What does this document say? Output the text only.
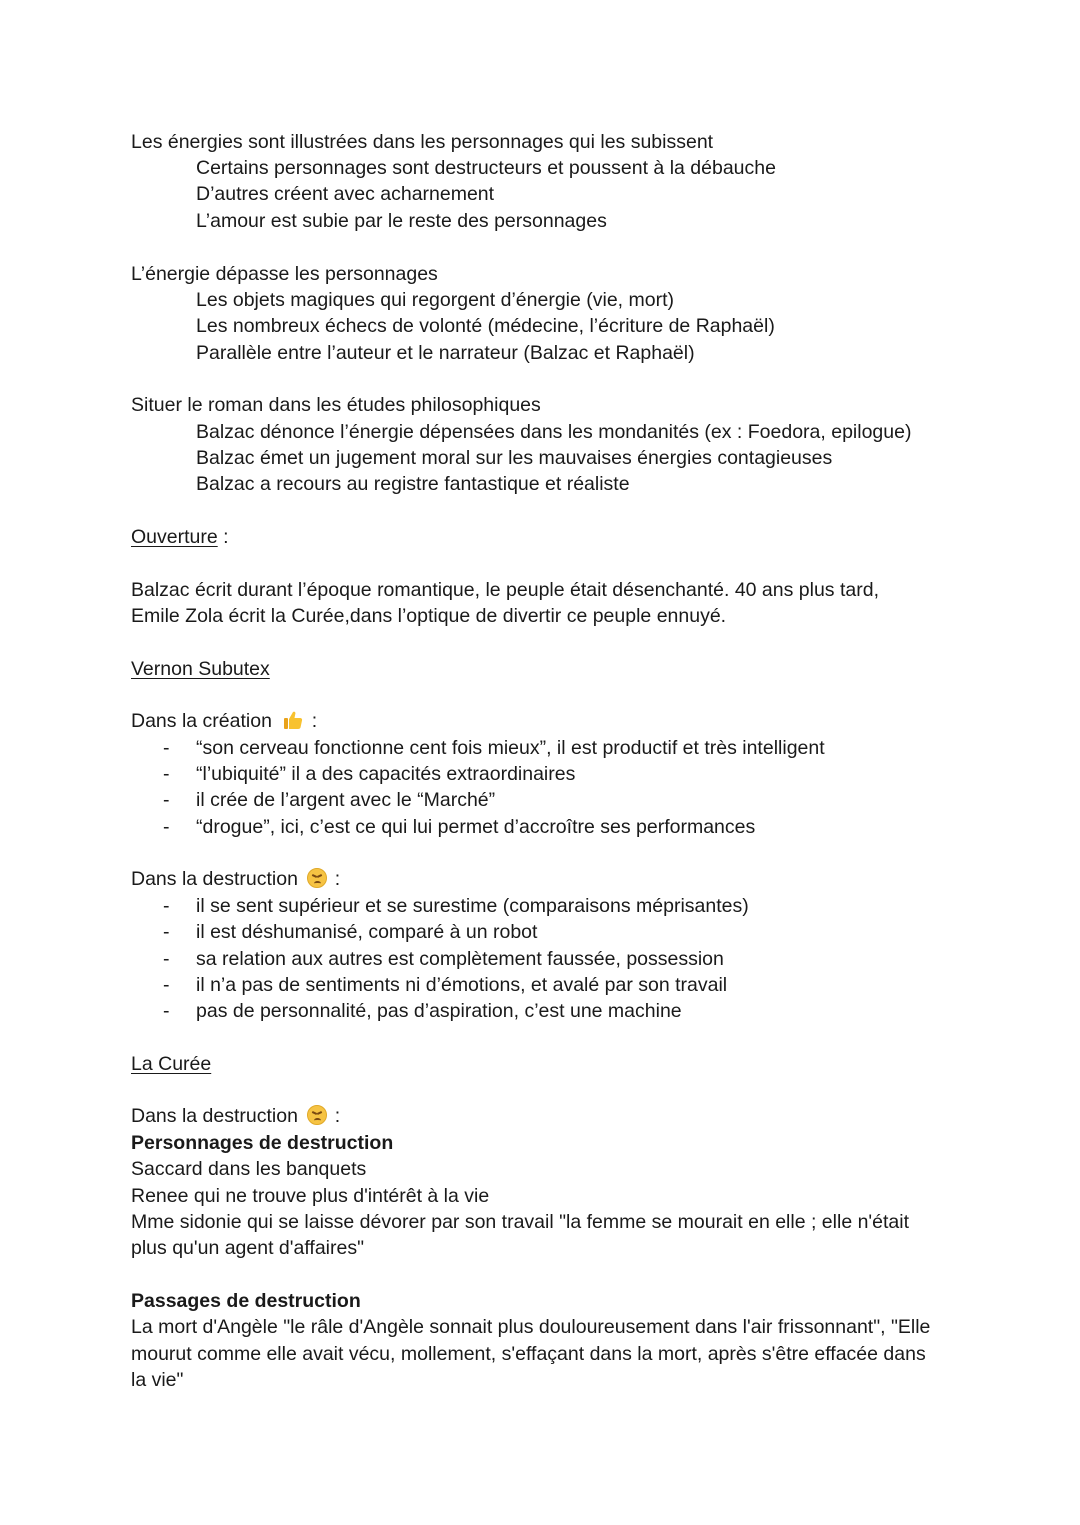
Les énergies sont illustrées dans les personnages qui les subissent
Certains personnages sont destructeurs et poussent à la débauche
D’autres créent avec acharnement
L’amour est subie par le reste des personnages
L’énergie dépasse les personnages
Les objets magiques qui regorgent d’énergie (vie, mort)
Les nombreux échecs de volonté (médecine, l’écriture de Raphaël)
Parallèle entre l’auteur et le narrateur (Balzac et Raphaël)
Situer le roman dans les études philosophiques
Balzac dénonce l’énergie dépensées dans les mondanités (ex : Foedora, epilogue)
Balzac émet un jugement moral sur les mauvaises énergies contagieuses
Balzac a recours au registre fantastique et réaliste
Ouverture :
Balzac écrit durant l’époque romantique, le peuple était désenchanté. 40 ans plus tard,
Emile Zola écrit la Curée,dans l’optique de divertir ce peuple ennuyé.
Vernon Subutex
Dans la création  :
- “son cerveau fonctionne cent fois mieux”, il est productif et très intelligent
- “l’ubiquité” il a des capacités extraordinaires
- il crée de l’argent avec le “Marché”
- “drogue”, ici, c’est ce qui lui permet d’accroître ses performances
Dans la destruction
:
- il se sent supérieur et se surestime (comparaisons méprisantes)
- il est déshumanisé, comparé à un robot
- sa relation aux autres est complètement faussée, possession
- il n’a pas de sentiments ni d’émotions, et avalé par son travail
- pas de personnalité, pas d’aspiration, c’est une machine
La Curée
Dans la destruction
:
Personnages de destruction
Saccard dans les banquets
Renee qui ne trouve plus d'intérêt à la vie
Mme sidonie qui se laisse dévorer par son travail "la femme se mourait en elle ; elle n'était
plus qu'un agent d'affaires"
Passages de destruction
La mort d'Angèle "le râle d'Angèle sonnait plus douloureusement dans l'air frissonnant", "Elle
mourut comme elle avait vécu, mollement, s'effaçant dans la mort, après s'être effacée dans
la vie"
